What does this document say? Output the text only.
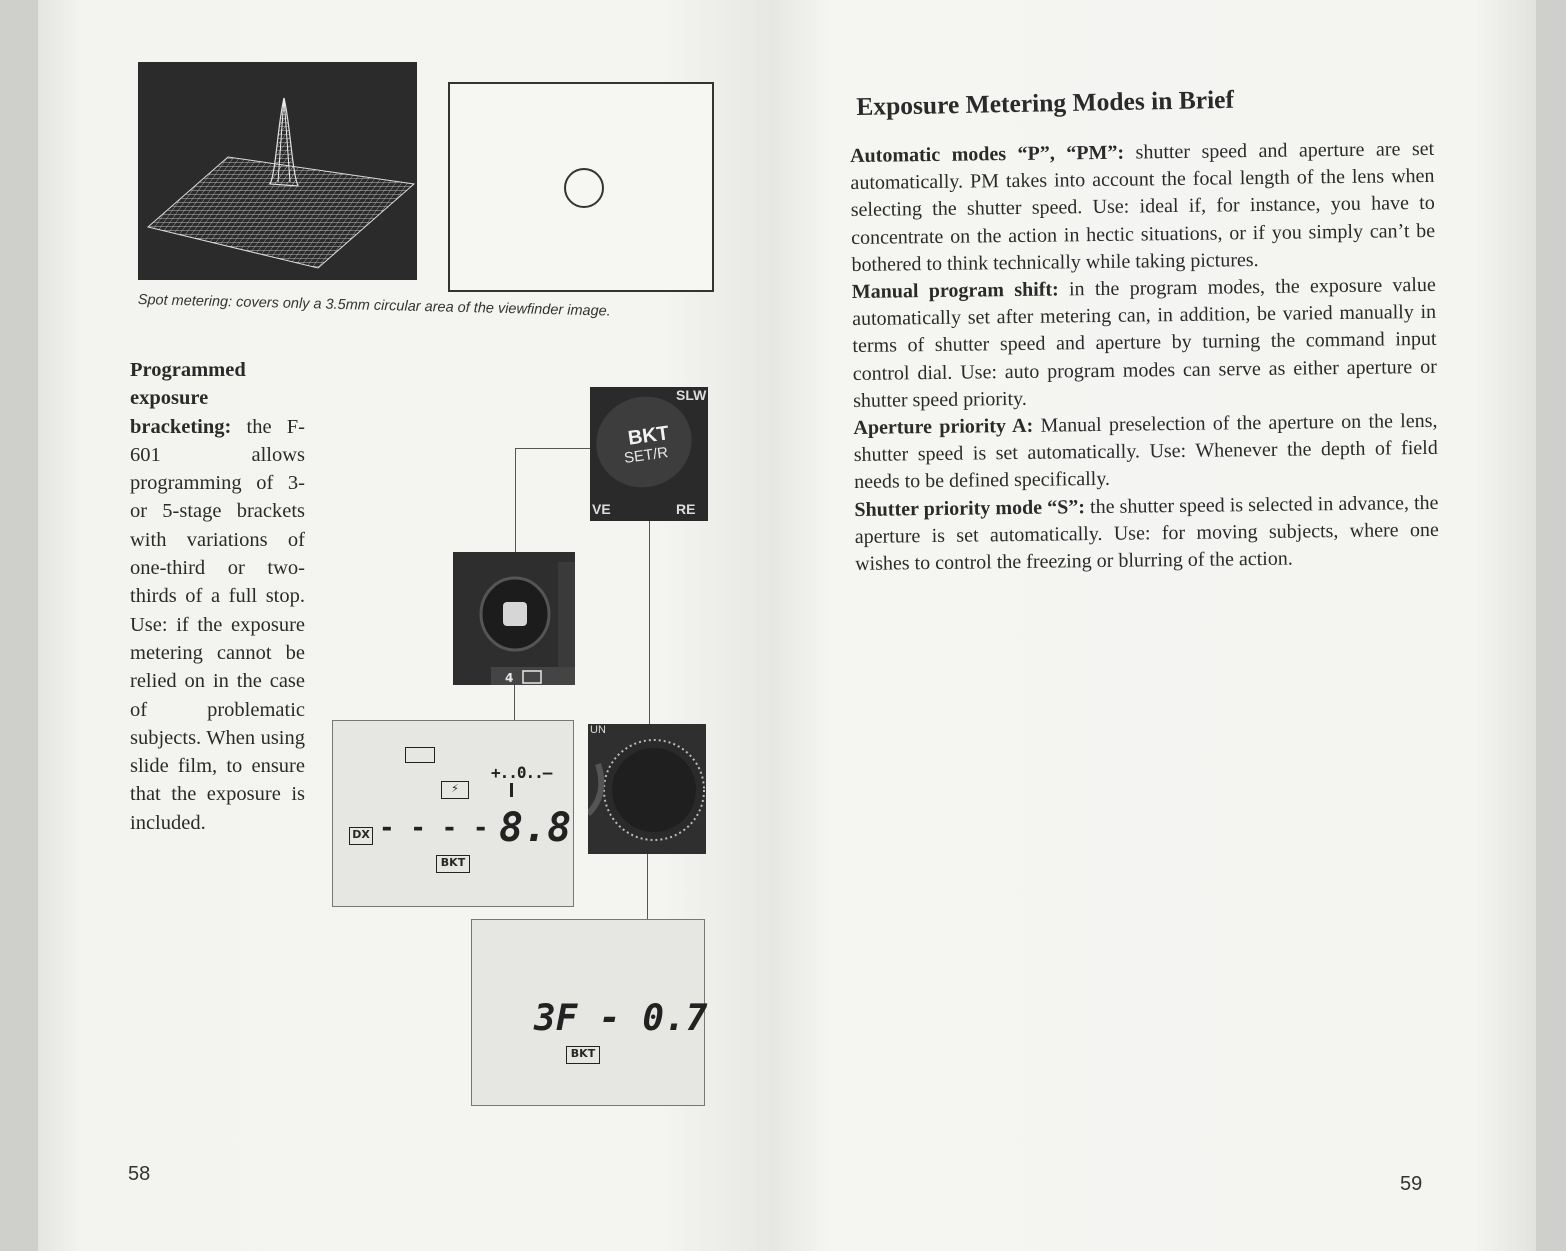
Spot metering: covers only a 3.5mm circular area of the viewfinder image.
Programmed exposure bracketing: the F-601 allows programming of 3- or 5-stage brackets with variations of one-third or two-thirds of a full stop. Use: if the exposure metering cannot be relied on in the case of problematic subjects. When using slide film, to ensure that the exposure is included.
BKT
SET/R
SLW
VE	RE
4
UN
⚡
+..0..–
DX - - - - 8.8
BKT
3F - 0.7
BKT
58
Exposure Metering Modes in Brief

Automatic modes “P”, “PM”: shutter speed and aperture are set automatically. PM takes into account the focal length of the lens when selecting the shutter speed. Use: ideal if, for instance, you have to concentrate on the action in hectic situations, or if you simply can’t be bothered to think technically while taking pictures.

Manual program shift: in the program modes, the exposure value automatically set after metering can, in addition, be varied manually in terms of shutter speed and aperture by turning the command input control dial. Use: auto program modes can serve as either aperture or shutter speed priority.

Aperture priority A: Manual preselection of the aperture on the lens, shutter speed is set automatically. Use: Whenever the depth of field needs to be defined specifically.

Shutter priority mode “S”: the shutter speed is selected in advance, the aperture is set automatically. Use: for moving subjects, where one wishes to control the freezing or blurring of the action.

59
